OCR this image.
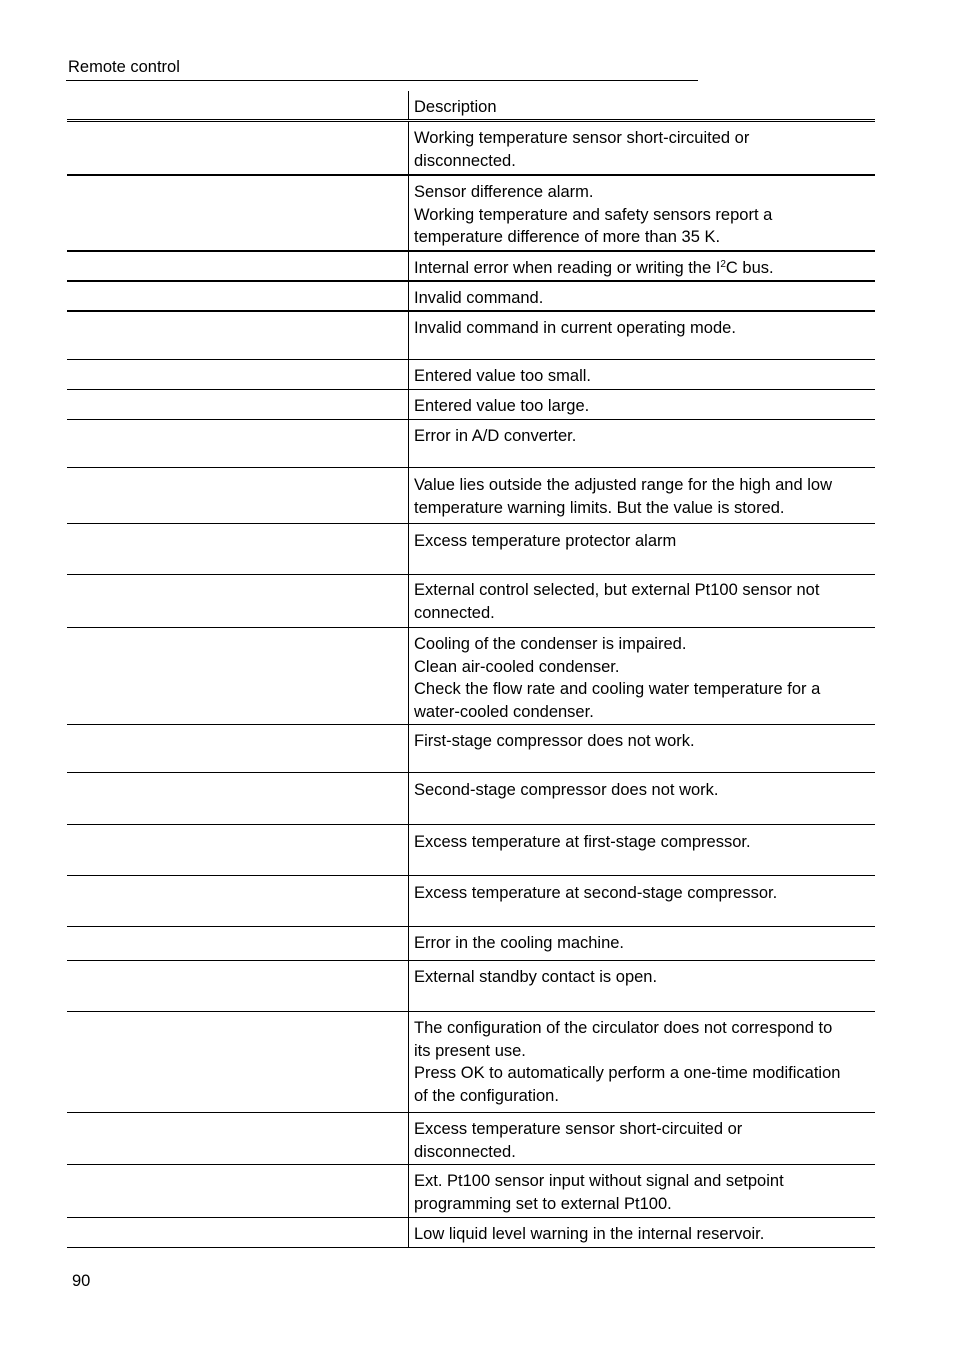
Remote control
Description
Working temperature sensor short-circuited or
disconnected.
Sensor difference alarm.
Working temperature and safety sensors report a
temperature difference of more than 35 K.
Internal error when reading or writing the $I^2C$ bus.
Invalid command.
Invalid command in current operating mode.
Entered value too small.
Entered value too large.
Error in A/D converter.
Value lies outside the adjusted range for the high and low
temperature warning limits. But the value is stored.
Excess temperature protector alarm
External control selected, but external Pt100 sensor not
connected.
Cooling of the condenser is impaired.
Clean air-cooled condenser.
Check the flow rate and cooling water temperature for a
water-cooled condenser.
First-stage compressor does not work.
Second-stage compressor does not work.
Excess temperature at first-stage compressor.
Excess temperature at second-stage compressor.
Error in the cooling machine.
External standby contact is open.
The configuration of the circulator does not correspond to
its present use.
Press OK to automatically perform a one-time modification
of the configuration.
Excess temperature sensor short-circuited or
disconnected.
Ext. Pt100 sensor input without signal and setpoint
programming set to external Pt100.
Low liquid level warning in the internal reservoir.
90
